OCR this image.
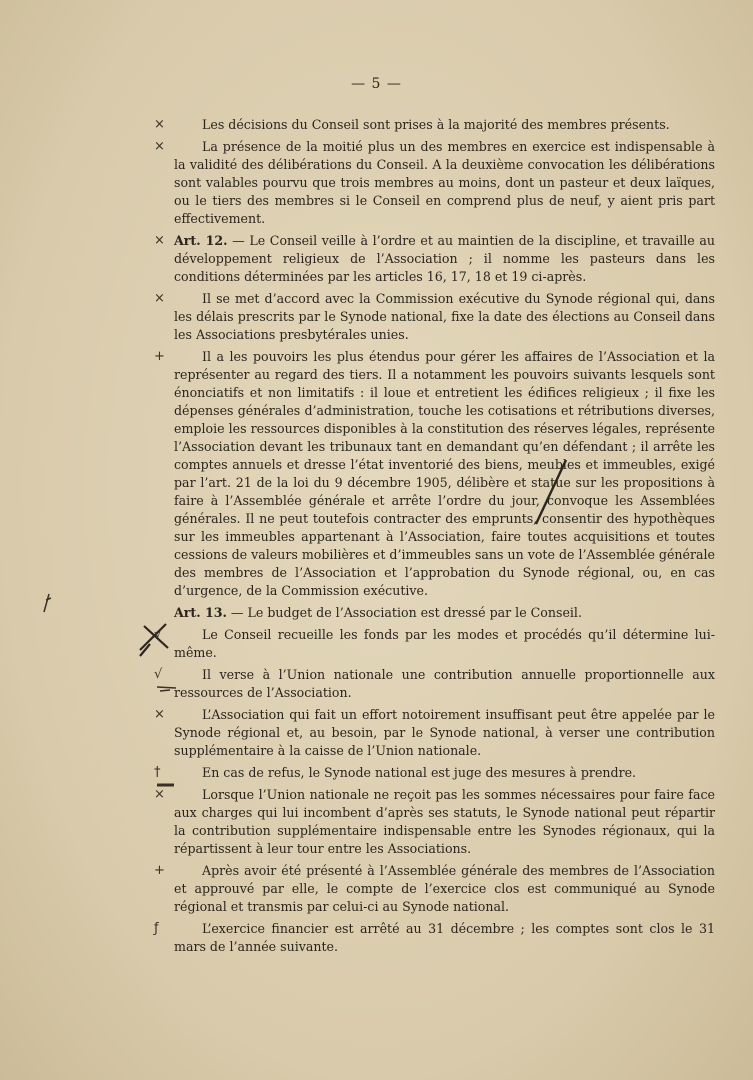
— 5 —

×	Les décisions du Conseil sont prises à la majorité des membres présents.

×	La présence de la moitié plus un des membres en exercice est indispensable à la validité des délibérations du Conseil. A la deuxième convocation les délibérations sont valables pourvu que trois membres au moins, dont un pasteur et deux laïques, ou le tiers des membres si le Conseil en comprend plus de neuf, y aient pris part effectivement.

× Art. 12. — Le Conseil veille à l’ordre et au maintien de la discipline, et travaille au développement religieux de l’Association ; il nomme les pasteurs dans les conditions déterminées par les articles 16, 17, 18 et 19 ci-après.

×	Il se met d’accord avec la Commission exécutive du Synode régional qui, dans les délais prescrits par le Synode national, fixe la date des élections au Conseil dans les Associations presbytérales unies.

+	Il a les pouvoirs les plus étendus pour gérer les affaires de l’Association et la représenter au regard des tiers. Il a notamment les pouvoirs suivants lesquels sont énonciatifs et non limitatifs : il loue et entretient les édifices religieux ; il fixe les dépenses générales d’administration, touche les cotisations et rétributions diverses, emploie les ressources disponibles à la constitution des réserves légales, représente l’Association devant les tribunaux tant en demandant qu’en défendant ; il arrête les comptes annuels et dresse l’état inventorié des biens, meubles et immeubles, exigé par l’art. 21 de la loi du 9 décembre 1905, délibère et statue sur les propositions à faire à l’Assemblée générale et arrête l’ordre du jour, convoque les Assemblées générales. Il ne peut toutefois contracter des emprunts, consentir des hypothèques sur les immeubles appartenant à l’Association, faire toutes acquisitions et toutes cessions de valeurs mobilières et d’immeubles sans un vote de l’Assemblée générale des membres de l’Association et l’approbation du Synode régional, ou, en cas d’urgence, de la Commission exécutive.

Art. 13. — Le budget de l’Association est dressé par le Conseil.

√	Le Conseil recueille les fonds par les modes et procédés qu’il détermine lui-même.

√	Il verse à l’Union nationale une contribution annuelle proportionnelle aux ressources de l’Association.

×	L’Association qui fait un effort notoirement insuffisant peut être appelée par le Synode régional et, au besoin, par le Synode national, à verser une contribution supplémentaire à la caisse de l’Union nationale.

†	En cas de refus, le Synode national est juge des mesures à prendre.

×	Lorsque l’Union nationale ne reçoit pas les sommes nécessaires pour faire face aux charges qui lui incombent d’après ses statuts, le Synode national peut répartir la contribution supplémentaire indispensable entre les Synodes régionaux, qui la répartissent à leur tour entre les Associations.

+	Après avoir été présenté à l’Assemblée générale des membres de l’Association et approuvé par elle, le compte de l’exercice clos est communiqué au Synode régional et transmis par celui-ci au Synode national.

ƒ	L’exercice financier est arrêté au 31 décembre ; les comptes sont clos le 31 mars de l’année suivante.
